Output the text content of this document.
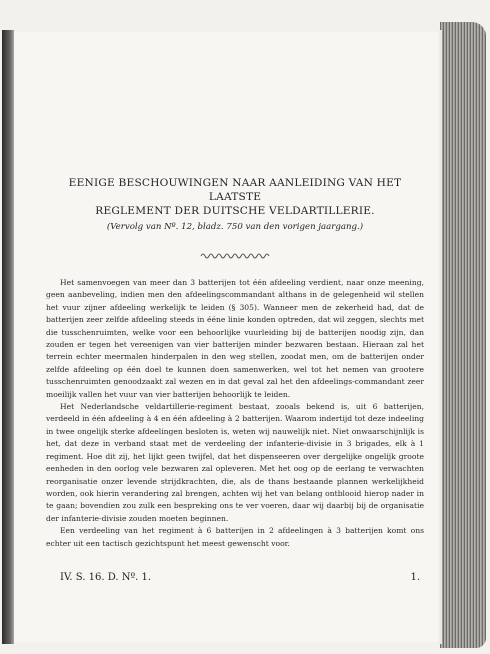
EENIGE BESCHOUWINGEN NAAR AANLEIDING VAN HET LAATSTE
REGLEMENT DER DUITSCHE VELDARTILLERIE.

(Vervolg van Nº. 12, bladz. 750 van den vorigen jaargang.)

Het samenvoegen van meer dan 3 batterijen tot één afdeeling verdient, naar onze meening, geen aanbeveling, indien men den afdeelingscommandant althans in de gelegenheid wil stellen het vuur zijner afdeeling werkelijk te leiden (§ 305). Wanneer men de zekerheid had, dat de batterijen zeer zelfde afdeeling steeds in ééne linie konden optreden, dat wil zeggen, slechts met die tusschenruimten, welke voor een behoorlijke vuurleiding bij de batterijen noodig zijn, dan zouden er tegen het vereenigen van vier batterijen minder bezwaren bestaan. Hieraan zal het terrein echter meermalen hinderpalen in den weg stellen, zoodat men, om de batterijen onder zelfde afdeeling op één doel te kunnen doen samenwerken, wel tot het nemen van grootere tusschenruimten genoodzaakt zal wezen en in dat geval zal het den afdeelings-commandant zeer moeilijk vallen het vuur van vier batterijen behoorlijk te leiden.

Het Nederlandsche veldartillerie-regiment bestaat, zooals bekend is, uit 6 batterijen, verdeeld in één afdeeling à 4 en één afdeeling à 2 batterijen. Waarom indertijd tot deze indeeling in twee ongelijk sterke afdeelingen besloten is, weten wij nauwelijk niet. Niet onwaarschijnlijk is het, dat deze in verband staat met de verdeeling der infanterie-divisie in 3 brigades, elk à 1 regiment. Hoe dit zij, het lijkt geen twijfel, dat het dispenseeren over dergelijke ongelijk groote eenheden in den oorlog vele bezwaren zal opleveren. Met het oog op de eerlang te verwachten reorganisatie onzer levende strijdkrachten, die, als de thans bestaande plannen werkelijkheid worden, ook hierin verandering zal brengen, achten wij het van belang ontblooid hierop nader in te gaan; bovendien zou zulk een bespreking ons te ver voeren, daar wij daarbij bij de organisatie der infanterie-divisie zouden moeten beginnen.

Een verdeeling van het regiment à 6 batterijen in 2 afdeelingen à 3 batterijen komt ons echter uit een tactisch gezichtspunt het meest gewenscht voor.

IV. S. 16. D. Nº. 1.	1.
